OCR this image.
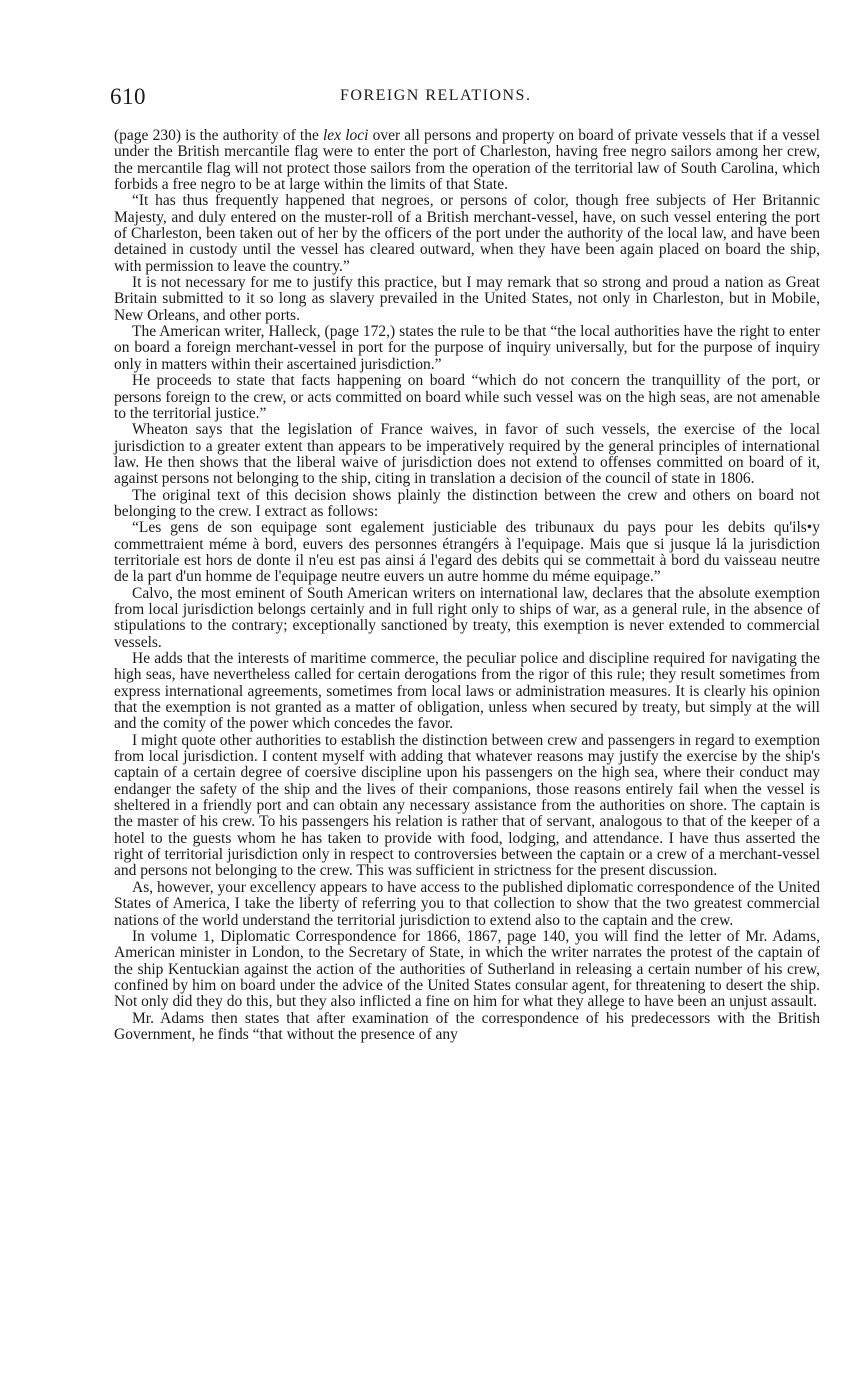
610	FOREIGN RELATIONS.

(page 230) is the authority of the lex loci over all persons and property on board of private vessels that if a vessel under the British mercantile flag were to enter the port of Charleston, having free negro sailors among her crew, the mercantile flag will not protect those sailors from the operation of the territorial law of South Carolina, which forbids a free negro to be at large within the limits of that State.

“It has thus frequently happened that negroes, or persons of color, though free subjects of Her Britannic Majesty, and duly entered on the muster-roll of a British merchant-vessel, have, on such vessel entering the port of Charleston, been taken out of her by the officers of the port under the authority of the local law, and have been detained in custody until the vessel has cleared outward, when they have been again placed on board the ship, with permission to leave the country.”

It is not necessary for me to justify this practice, but I may remark that so strong and proud a nation as Great Britain submitted to it so long as slavery prevailed in the United States, not only in Charleston, but in Mobile, New Orleans, and other ports.

The American writer, Halleck, (page 172,) states the rule to be that “the local authorities have the right to enter on board a foreign merchant-vessel in port for the purpose of inquiry universally, but for the purpose of inquiry only in matters within their ascertained jurisdiction.”

He proceeds to state that facts happening on board “which do not concern the tranquillity of the port, or persons foreign to the crew, or acts committed on board while such vessel was on the high seas, are not amenable to the territorial justice.”

Wheaton says that the legislation of France waives, in favor of such vessels, the exercise of the local jurisdiction to a greater extent than appears to be imperatively required by the general principles of international law. He then shows that the liberal waive of jurisdiction does not extend to offenses committed on board of it, against persons not belonging to the ship, citing in translation a decision of the council of state in 1806.

The original text of this decision shows plainly the distinction between the crew and others on board not belonging to the crew. I extract as follows:

“Les gens de son equipage sont egalement justiciable des tribunaux du pays pour les debits qu'ils•y commettraient méme à bord, euvers des personnes étrangérs à l'equipage. Mais que si jusque lá la jurisdiction territoriale est hors de donte il n'eu est pas ainsi á l'egard des debits qui se commettait à bord du vaisseau neutre de la part d'un homme de l'equipage neutre euvers un autre homme du méme equipage.”

Calvo, the most eminent of South American writers on international law, declares that the absolute exemption from local jurisdiction belongs certainly and in full right only to ships of war, as a general rule, in the absence of stipulations to the contrary; exceptionally sanctioned by treaty, this exemption is never extended to commercial vessels.

He adds that the interests of maritime commerce, the peculiar police and discipline required for navigating the high seas, have nevertheless called for certain derogations from the rigor of this rule; they result sometimes from express international agreements, sometimes from local laws or administration measures. It is clearly his opinion that the exemption is not granted as a matter of obligation, unless when secured by treaty, but simply at the will and the comity of the power which concedes the favor.

I might quote other authorities to establish the distinction between crew and passengers in regard to exemption from local jurisdiction. I content myself with adding that whatever reasons may justify the exercise by the ship's captain of a certain degree of coersive discipline upon his passengers on the high sea, where their conduct may endanger the safety of the ship and the lives of their companions, those reasons entirely fail when the vessel is sheltered in a friendly port and can obtain any necessary assistance from the authorities on shore. The captain is the master of his crew. To his passengers his relation is rather that of servant, analogous to that of the keeper of a hotel to the guests whom he has taken to provide with food, lodging, and attendance. I have thus asserted the right of territorial jurisdiction only in respect to controversies between the captain or a crew of a merchant-vessel and persons not belonging to the crew. This was sufficient in strictness for the present discussion.

As, however, your excellency appears to have access to the published diplomatic correspondence of the United States of America, I take the liberty of referring you to that collection to show that the two greatest commercial nations of the world understand the territorial jurisdiction to extend also to the captain and the crew.

In volume 1, Diplomatic Correspondence for 1866, 1867, page 140, you will find the letter of Mr. Adams, American minister in London, to the Secretary of State, in which the writer narrates the protest of the captain of the ship Kentuckian against the action of the authorities of Sutherland in releasing a certain number of his crew, confined by him on board under the advice of the United States consular agent, for threatening to desert the ship. Not only did they do this, but they also inflicted a fine on him for what they allege to have been an unjust assault.

Mr. Adams then states that after examination of the correspondence of his predecessors with the British Government, he finds “that without the presence of any
